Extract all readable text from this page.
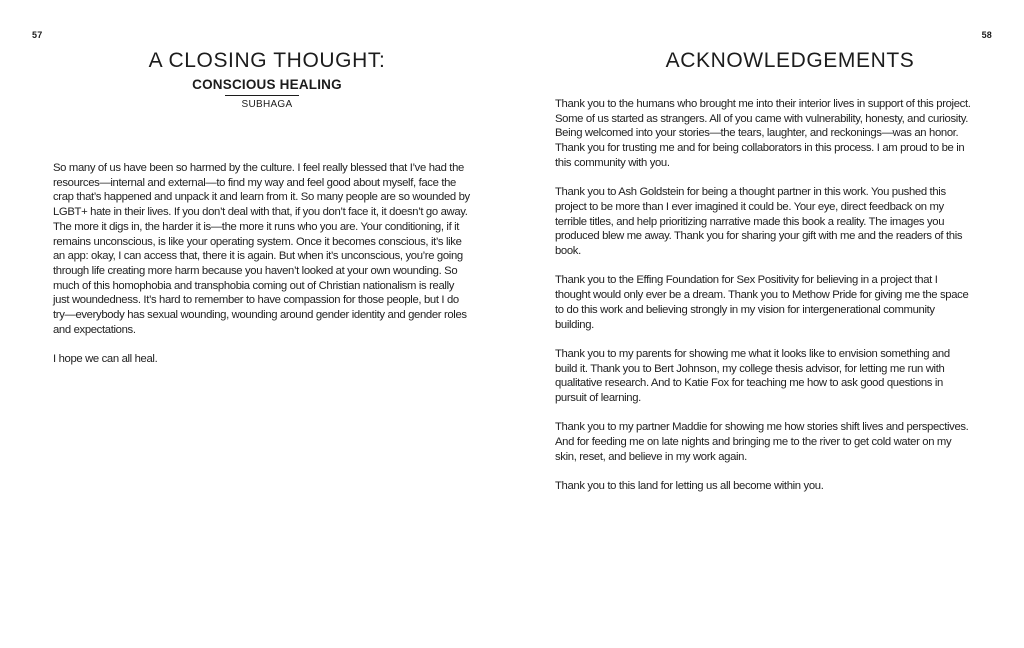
57
A CLOSING THOUGHT:
CONSCIOUS HEALING
SUBHAGA

So many of us have been so harmed by the culture. I feel really blessed that I’ve had the resources—internal and external—to find my way and feel good about myself, face the crap that’s happened and unpack it and learn from it. So many people are so wounded by LGBT+ hate in their lives. If you don’t deal with that, if you don’t face it, it doesn’t go away. The more it digs in, the harder it is—the more it runs who you are. Your conditioning, if it remains unconscious, is like your operating system. Once it becomes conscious, it’s like an app: okay, I can access that, there it is again. But when it’s unconscious, you’re going through life creating more harm because you haven’t looked at your own wounding. So much of this homophobia and transphobia coming out of Christian nationalism is really just woundedness. It’s hard to remember to have compassion for those people, but I do try—everybody has sexual wounding, wounding around gender identity and gender roles and expectations.

I hope we can all heal.

58
ACKNOWLEDGEMENTS

Thank you to the humans who brought me into their interior lives in support of this project. Some of us started as strangers. All of you came with vulnerability, honesty, and curiosity. Being welcomed into your stories—the tears, laughter, and reckonings—was an honor. Thank you for trusting me and for being collaborators in this process. I am proud to be in this community with you.

Thank you to Ash Goldstein for being a thought partner in this work. You pushed this project to be more than I ever imagined it could be. Your eye, direct feedback on my terrible titles, and help prioritizing narrative made this book a reality. The images you produced blew me away. Thank you for sharing your gift with me and the readers of this book.

Thank you to the Effing Foundation for Sex Positivity for believing in a project that I thought would only ever be a dream. Thank you to Methow Pride for giving me the space to do this work and believing strongly in my vision for intergenerational community building.

Thank you to my parents for showing me what it looks like to envision something and build it. Thank you to Bert Johnson, my college thesis advisor, for letting me run with qualitative research. And to Katie Fox for teaching me how to ask good questions in pursuit of learning.

Thank you to my partner Maddie for showing me how stories shift lives and perspectives. And for feeding me on late nights and bringing me to the river to get cold water on my skin, reset, and believe in my work again.

Thank you to this land for letting us all become within you.
